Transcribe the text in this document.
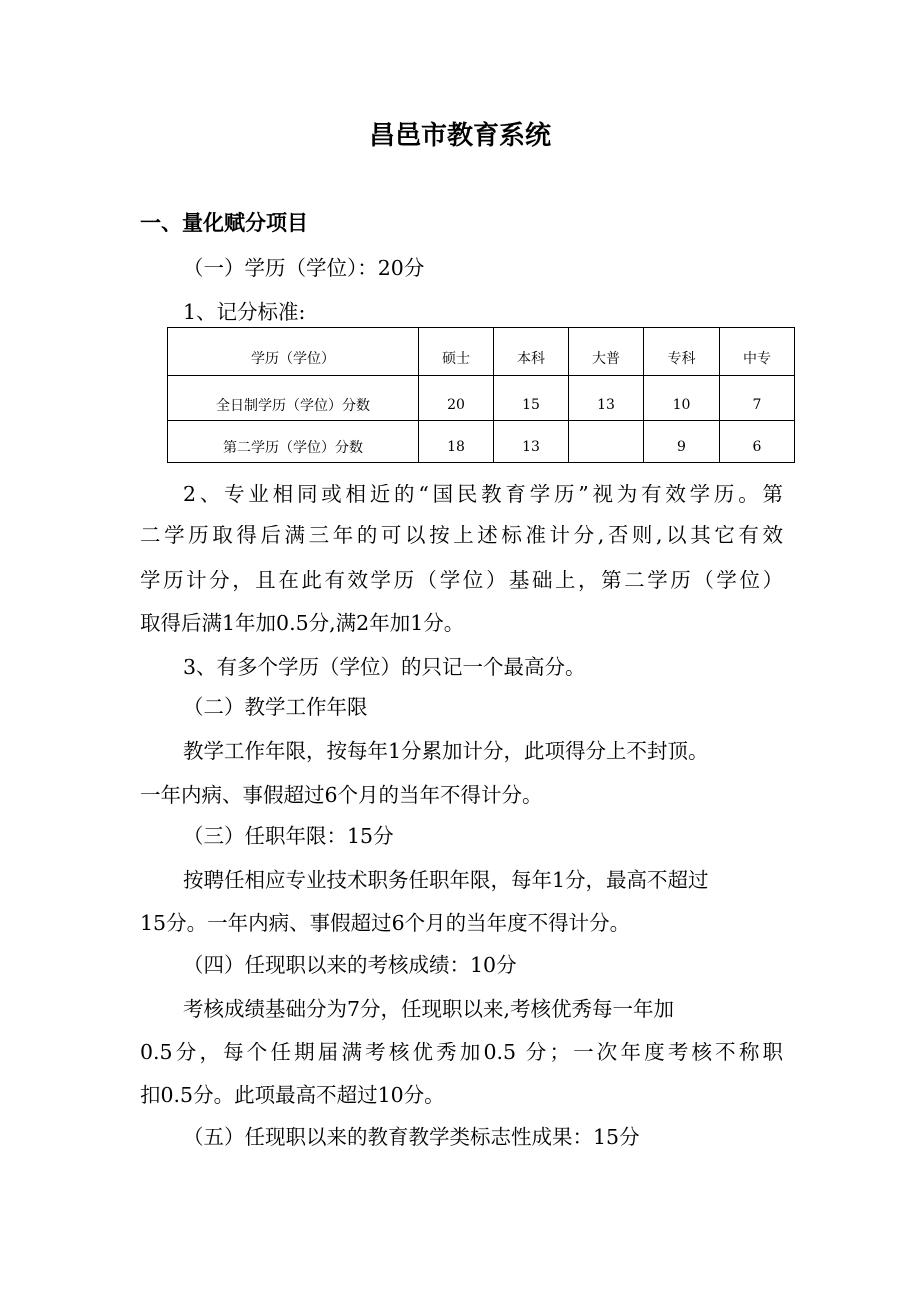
昌邑市教育系统
一、量化赋分项目
（一）学历（学位）：20分
1、记分标准:
学历（学位）	硕士	本科	大普	专科	中专
全日制学历（学位）分数	20	15	13	10	7
第二学历（学位）分数	18	13		9	6
2、专业相同或相近的“国民教育学历”视为有效学历。第
二学历取得后满三年的可以按上述标准计分,否则,以其它有效
学历计分，且在此有效学历（学位）基础上，第二学历（学位）
取得后满1年加0.5分,满2年加1分。
3、有多个学历（学位）的只记一个最高分。
（二）教学工作年限
教学工作年限，按每年1分累加计分，此项得分上不封顶。
一年内病、事假超过6个月的当年不得计分。
（三）任职年限：15分
按聘任相应专业技术职务任职年限，每年1分，最高不超过
15分。一年内病、事假超过6个月的当年度不得计分。
（四）任现职以来的考核成绩：10分
考核成绩基础分为7分，任现职以来,考核优秀每一年加
0.5分，每个任期届满考核优秀加0.5 分；一次年度考核不称职
扣0.5分。此项最高不超过10分。
（五）任现职以来的教育教学类标志性成果：15分
